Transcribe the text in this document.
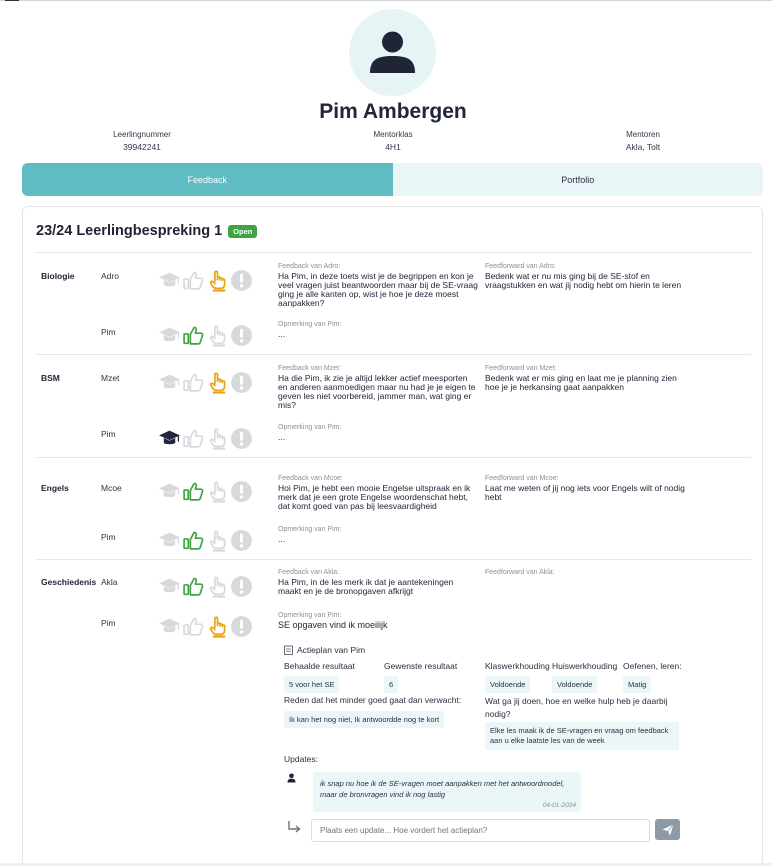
Pim Ambergen
Leerlingnummer
39942241
Mentorklas
4H1
Mentoren
Akla, Tolt
Feedback	Portfolio
23/24 Leerlingbespreking 1	Open
Biologie	Adro
Feedback van Adro:
Ha Pim, in deze toets wist je de begrippen en kon je veel vragen juist beantwoorden maar bij de SE-vraag ging je alle kanten op, wist je hoe je deze moest aanpakken?
Feedforward van Adro:
Bedenk wat er nu mis ging bij de SE-stof en vraagstukken en wat jij nodig hebt om hierin te leren
Pim
Opmerking van Pim:
...
BSM	Mzet
Feedback van Mzet:
Ha die Pim, ik zie je altijd lekker actief meesporten en anderen aanmoedigen maar nu had je je eigen te geven les niet voorbereid, jammer man, wat ging er mis?
Feedforward van Mzet:
Bedenk wat er mis ging en laat me je planning zien hoe je je herkansing gaat aanpakken
Pim
Opmerking van Pim:
...
Engels	Mcoe
Feedback van Mcoe:
Hoi Pim, je hebt een mooie Engelse uitspraak en ik merk dat je een grote Engelse woordenschat hebt, dat komt goed van pas bij leesvaardigheid
Feedforward van Mcoe:
Laat me weten of jij nog iets voor Engels wilt of nodig hebt
Pim
Opmerking van Pim:
...
Geschiedenis Akla
Feedback van Akla:
Ha Pim, in de les merk ik dat je aantekeningen maakt en je de bronopgaven afkrijgt
Feedforward van Akla:
Pim
Opmerking van Pim:
SE opgaven vind ik moeilijk
Actieplan van Pim
Behaalde resultaat
5 voor het SE
Gewenste resultaat
6
Klaswerkhouding
Voldoende
Huiswerkhouding
Voldoende
Oefenen, leren:
Matig
Reden dat het minder goed gaat dan verwacht:
Ik kan het nog niet, Ik antwoordde nog te kort
Wat ga jij doen, hoe en welke hulp heb je daarbij nodig?
Elke les maak ik de SE-vragen en vraag om feedback aan u elke laatste les van de week
Updates:
ik snap nu hoe ik de SE-vragen moet aanpakken met het antwoordmodel, maar de bronvragen vind ik nog lastig
04-01-2024
Plaats een update... Hoe vordert het actieplan?
